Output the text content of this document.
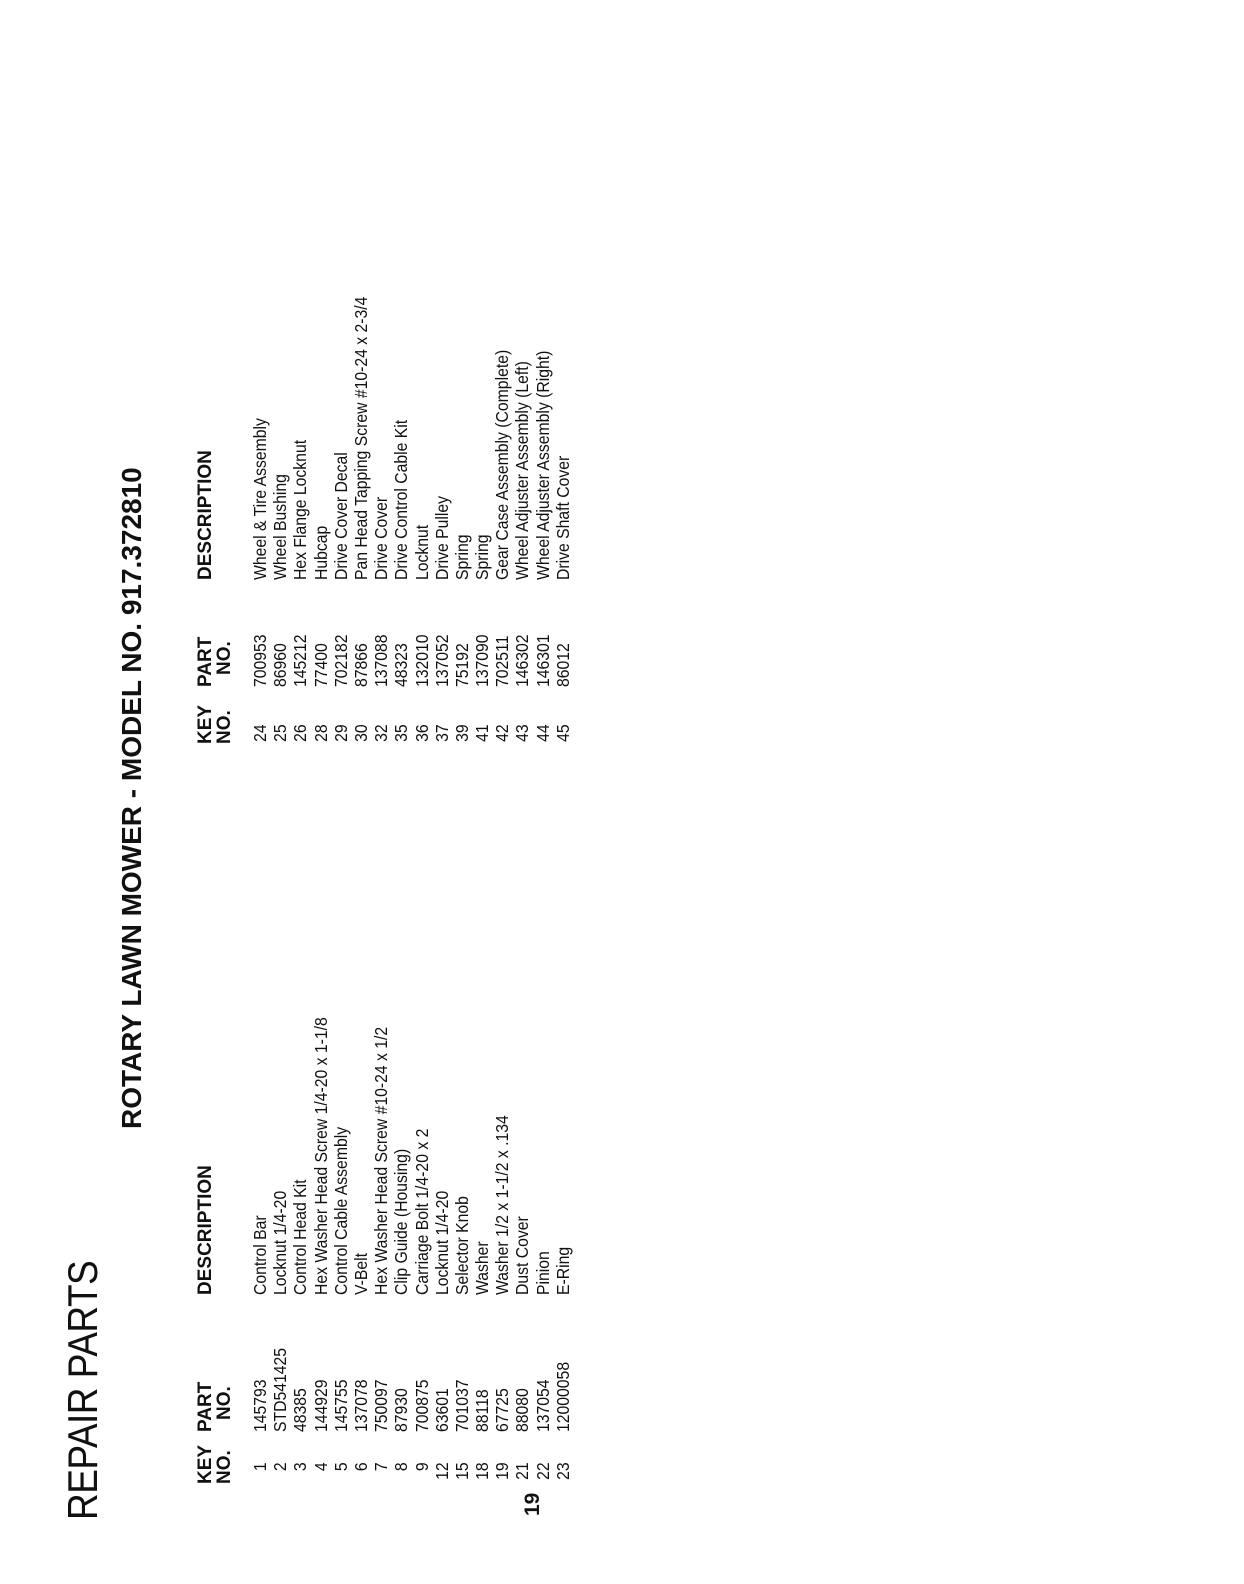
REPAIR PARTS
ROTARY LAWN MOWER - MODEL NO. 917.372810
19
KEY
NO.
PART
NO.
DESCRIPTION
1 2 3 4 5 6 7 8 9 12 15 18 19 21 22 23
145793 STD541425 48385 144929 145755 137078 750097 87930 700875 63601 701037 88118 67725 88080 137054 12000058
Control Bar Locknut 1/4-20 Control Head Kit Hex Washer Head Screw 1/4-20 x 1-1/8 Control Cable Assembly V-Belt Hex Washer Head Screw #10-24 x 1/2 Clip Guide (Housing) Carriage Bolt 1/4-20 x 2 Locknut 1/4-20 Selector Knob Washer Washer 1/2 x 1-1/2 x .134 Dust Cover Pinion E-Ring
KEY
NO.
PART
NO.
DESCRIPTION
24 25 26 28 29 30 32 35 36 37 39 41 42 43 44 45
700953 86960 145212 77400 702182 87866 137088 48323 132010 137052 75192 137090 702511 146302 146301 86012
Wheel & Tire Assembly Wheel Bushing Hex Flange Locknut Hubcap Drive Cover Decal Pan Head Tapping Screw #10-24 x 2-3/4 Drive Cover Drive Control Cable Kit Locknut Drive Pulley Spring Spring Gear Case Assembly (Complete) Wheel Adjuster Assembly (Left) Wheel Adjuster Assembly (Right) Drive Shaft Cover
